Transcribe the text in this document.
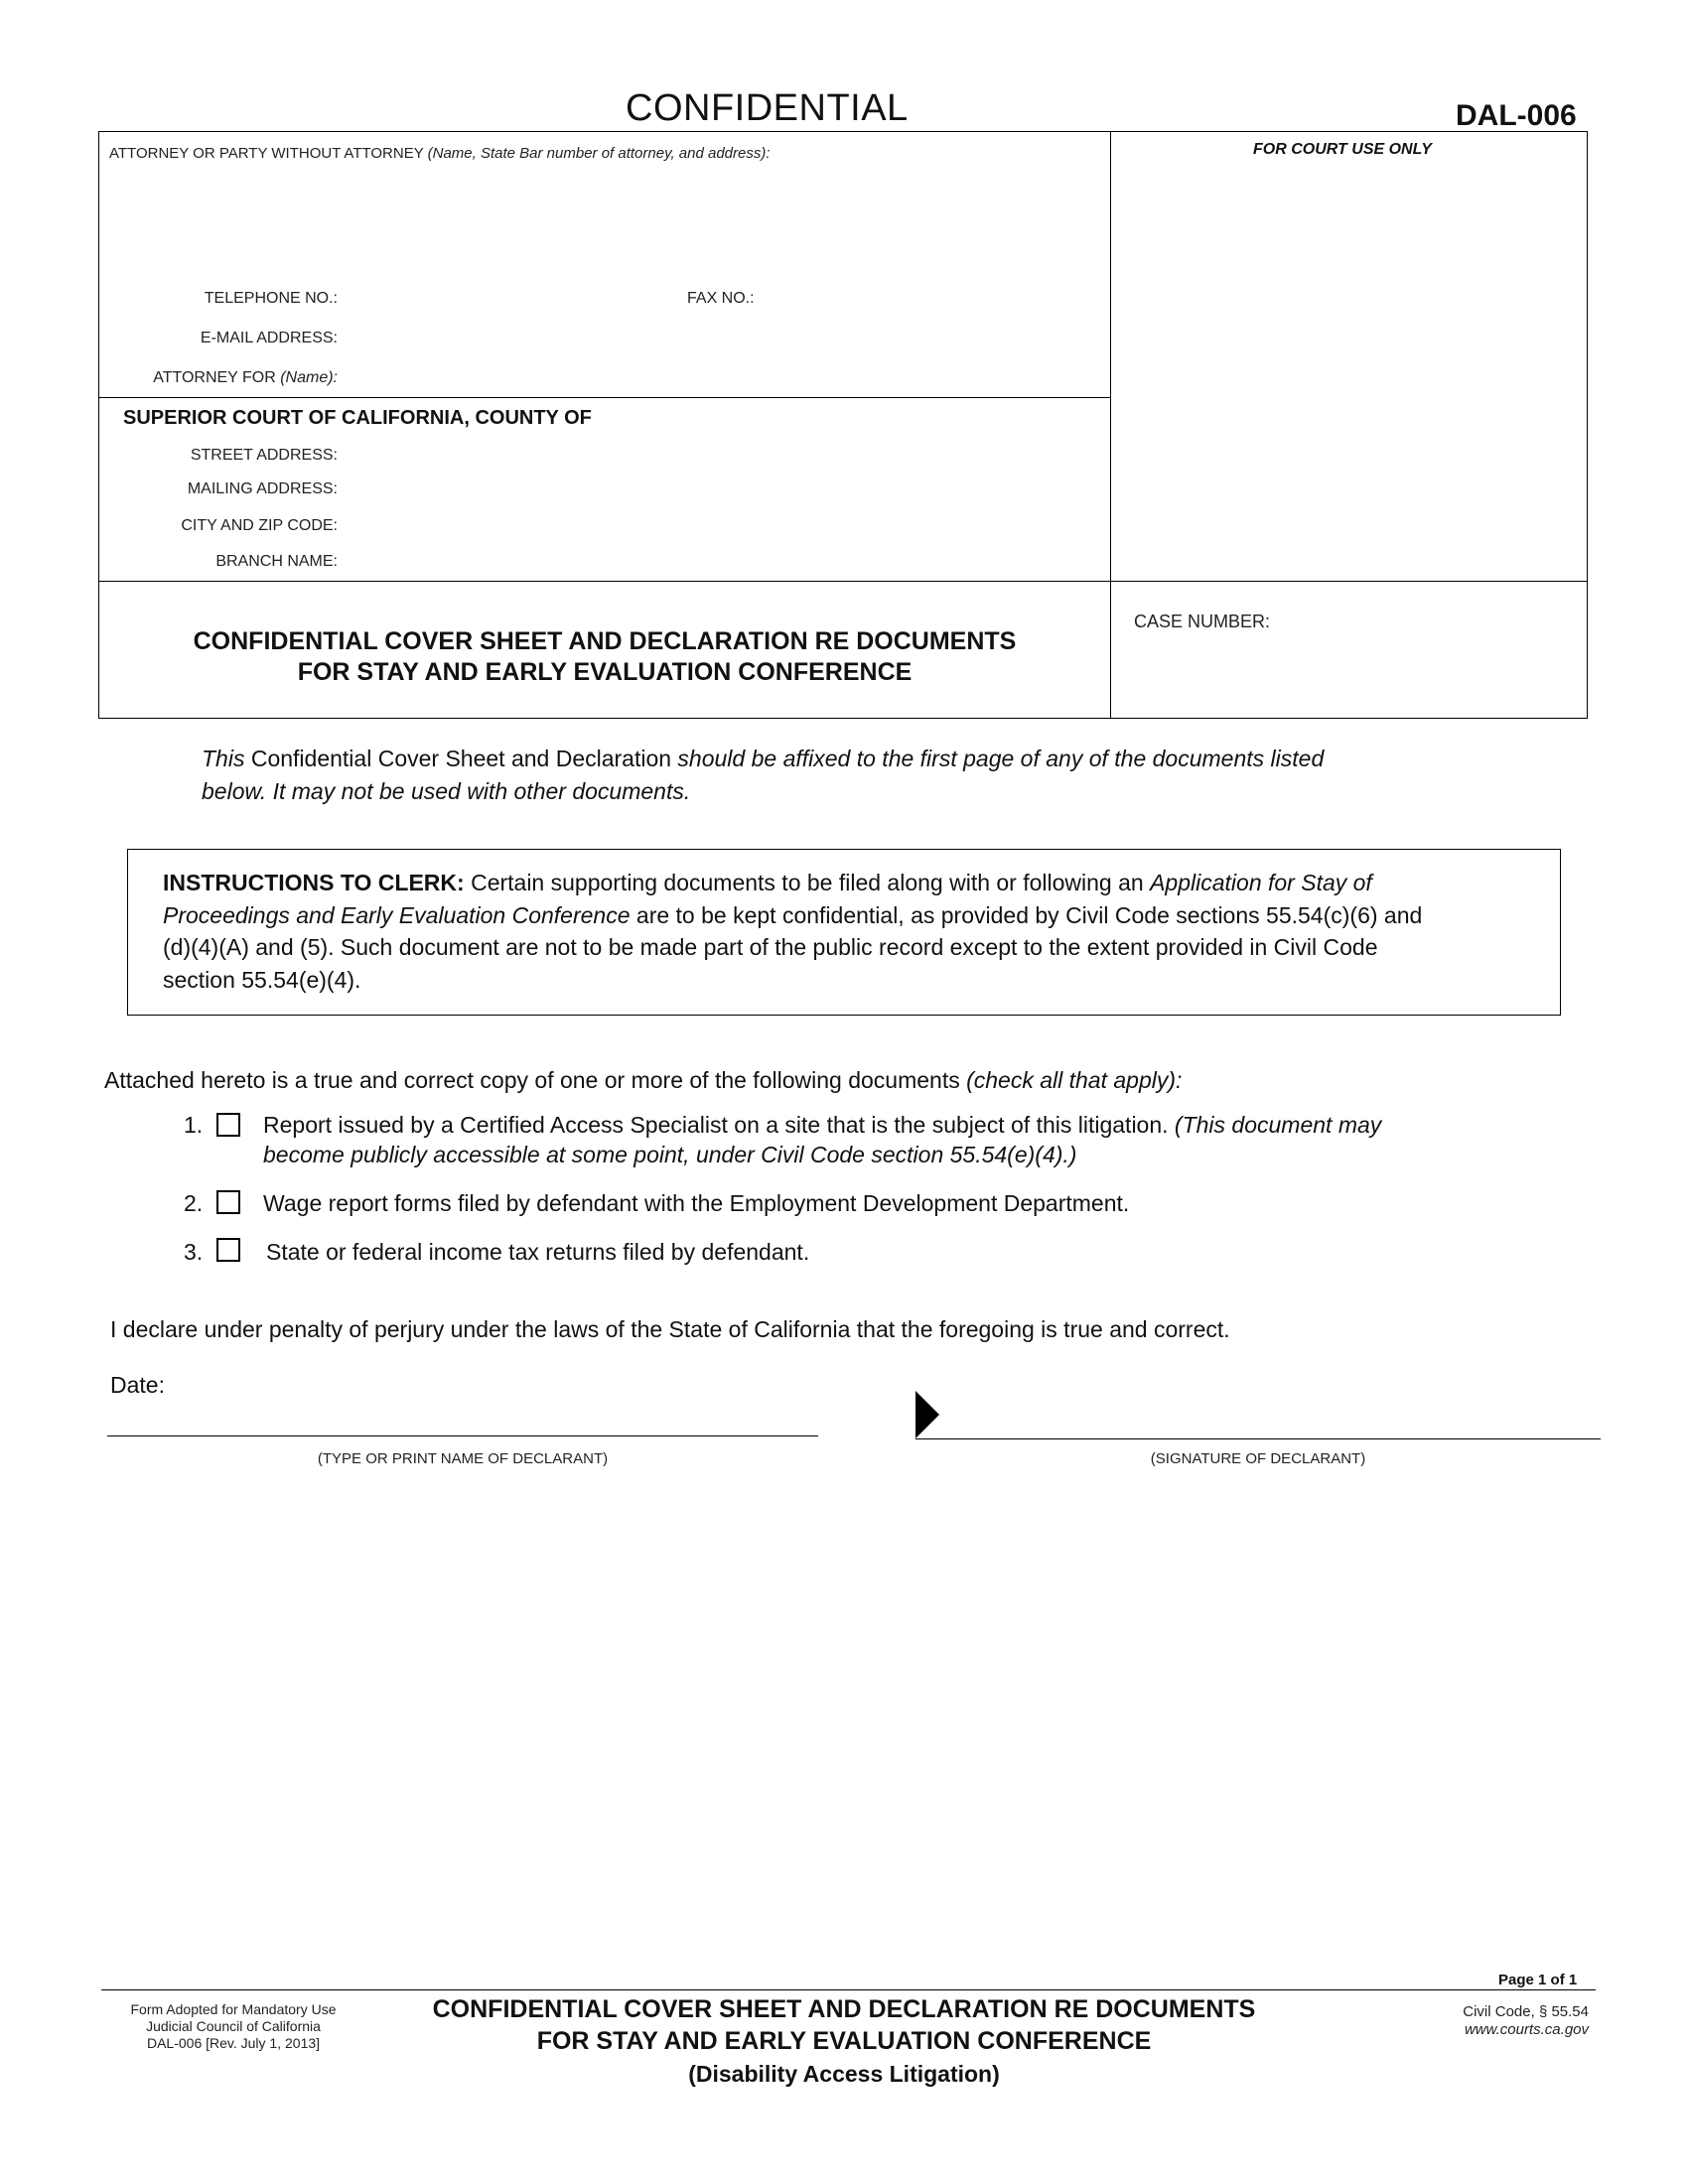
CONFIDENTIAL	DAL-006
ATTORNEY OR PARTY WITHOUT ATTORNEY (Name, State Bar number of attorney, and address):
TELEPHONE NO.:	FAX NO.:
E-MAIL ADDRESS:
ATTORNEY FOR (Name):
FOR COURT USE ONLY
SUPERIOR COURT OF CALIFORNIA, COUNTY OF
STREET ADDRESS:
MAILING ADDRESS:
CITY AND ZIP CODE:
BRANCH NAME:
CONFIDENTIAL COVER SHEET AND DECLARATION RE DOCUMENTS
FOR STAY AND EARLY EVALUATION CONFERENCE
CASE NUMBER:
This Confidential Cover Sheet and Declaration should be affixed to the first page of any of the documents listed
below. It may not be used with other documents.
INSTRUCTIONS TO CLERK: Certain supporting documents to be filed along with or following an Application for Stay of
Proceedings and Early Evaluation Conference are to be kept confidential, as provided by Civil Code sections 55.54(c)(6) and
(d)(4)(A) and (5). Such document are not to be made part of the public record except to the extent provided in Civil Code
section 55.54(e)(4).
Attached hereto is a true and correct copy of one or more of the following documents (check all that apply):
1.	Report issued by a Certified Access Specialist on a site that is the subject of this litigation. (This document may
become publicly accessible at some point, under Civil Code section 55.54(e)(4).)
2.	Wage report forms filed by defendant with the Employment Development Department.
3.	State or federal income tax returns filed by defendant.
I declare under penalty of perjury under the laws of the State of California that the foregoing is true and correct.
Date:
(TYPE OR PRINT NAME OF DECLARANT)	(SIGNATURE OF DECLARANT)
Page 1 of 1
Form Adopted for Mandatory Use
Judicial Council of California
DAL-006 [Rev. July 1, 2013]
CONFIDENTIAL COVER SHEET AND DECLARATION RE DOCUMENTS
FOR STAY AND EARLY EVALUATION CONFERENCE
(Disability Access Litigation)
Civil Code, § 55.54
www.courts.ca.gov
